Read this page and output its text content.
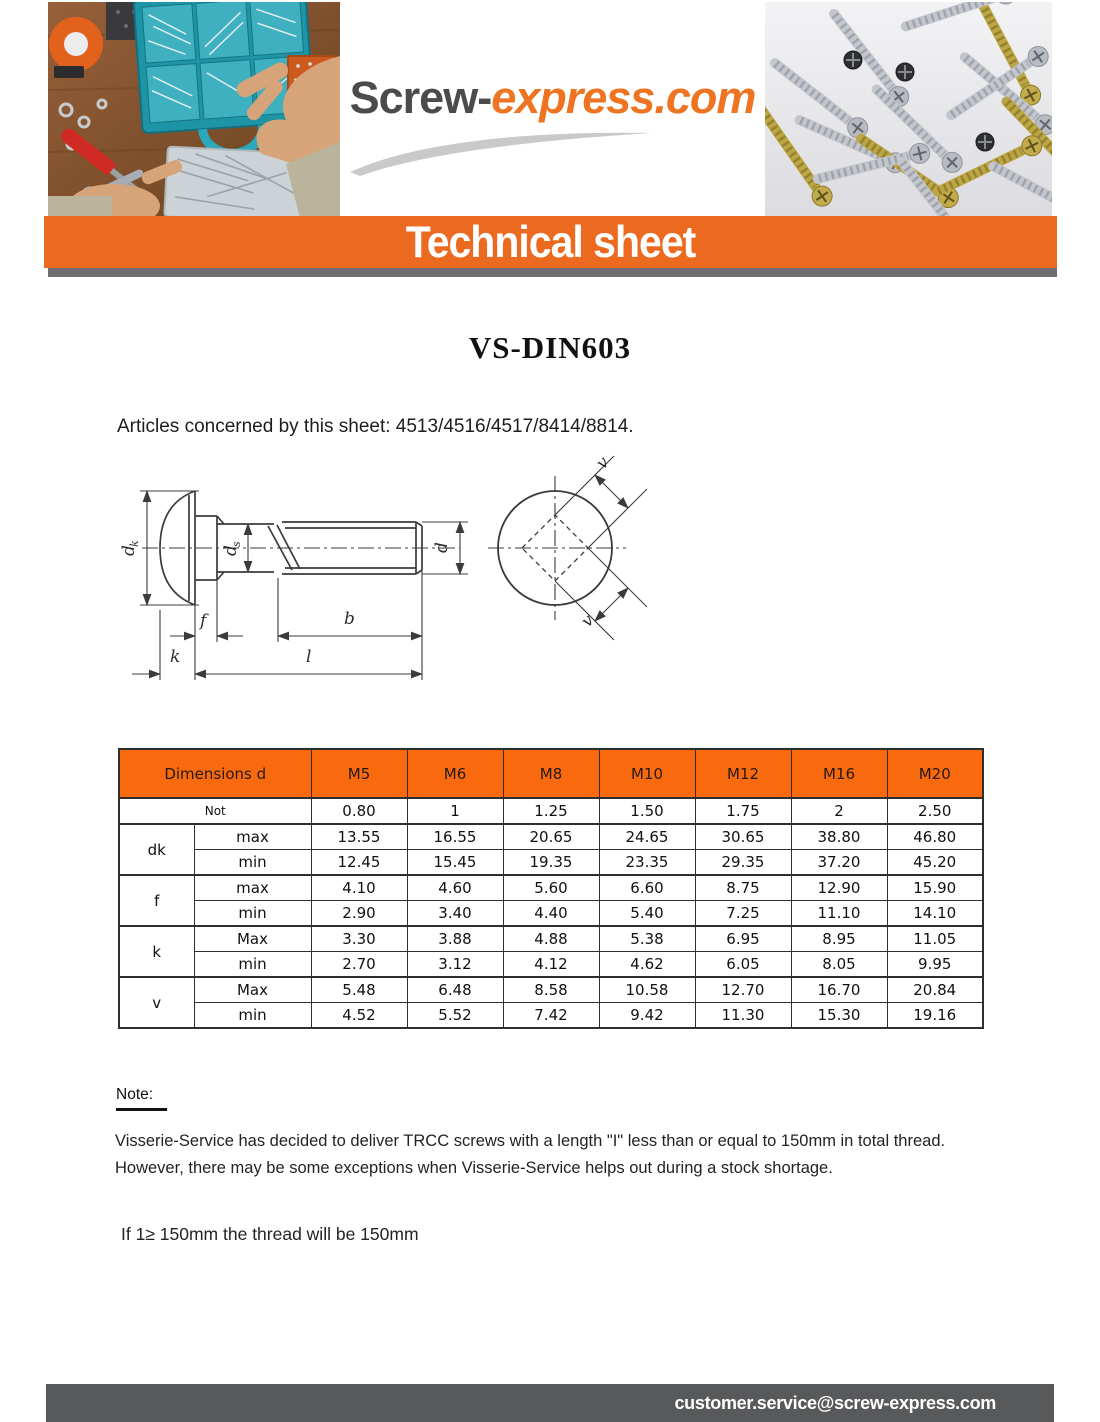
Screw-express.com
Technical sheet
VS-DIN603
Articles concerned by this sheet: 4513/4516/4517/8414/8814.
d
k
d
s	d
f	b
k	l
v
v
Dimensions d		M5	M6	M8	M10	M12	M16	M20
Not		0.80	1	1.25	1.50	1.75	2	2.50
dk	max	13.55	16.55	20.65	24.65	30.65	38.80	46.80
	min	12.45	15.45	19.35	23.35	29.35	37.20	45.20
f	max	4.10	4.60	5.60	6.60	8.75	12.90	15.90
	min	2.90	3.40	4.40	5.40	7.25	11.10	14.10
k	Max	3.30	3.88	4.88	5.38	6.95	8.95	11.05
	min	2.70	3.12	4.12	4.62	6.05	8.05	9.95
v	Max	5.48	6.48	8.58	10.58	12.70	16.70	20.84
	min	4.52	5.52	7.42	9.42	11.30	15.30	19.16
Note:
Visserie-Service has decided to deliver TRCC screws with a length "I" less than or equal to 150mm in total thread. However, there may be some exceptions when Visserie-Service helps out during a stock shortage.
If 1≥ 150mm the thread will be 150mm
customer.service@screw-express.com
